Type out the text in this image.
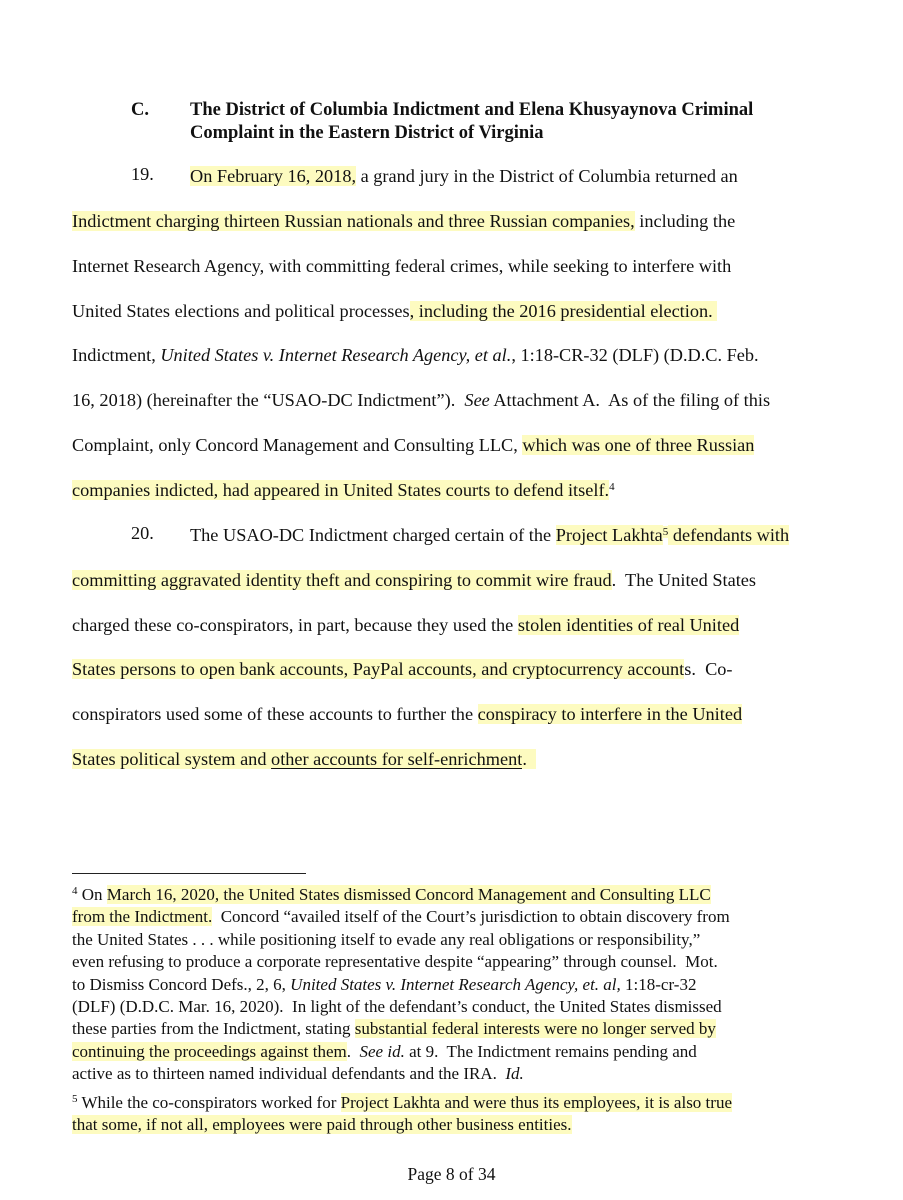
C. The District of Columbia Indictment and Elena Khusyaynova Criminal
Complaint in the Eastern District of Virginia
On February 16, 2018, a grand jury in the District of Columbia returned an
Indictment charging thirteen Russian nationals and three Russian companies, including the
Internet Research Agency, with committing federal crimes, while seeking to interfere with
United States elections and political processes, including the 2016 presidential election.
Indictment, United States v. Internet Research Agency, et al., 1:18-CR-32 (DLF) (D.D.C. Feb.
16, 2018) (hereinafter the “USAO-DC Indictment”).  See Attachment A.  As of the filing of this
Complaint, only Concord Management and Consulting LLC, which was one of three Russian
companies indicted, had appeared in United States courts to defend itself.$^4$
The USAO-DC Indictment charged certain of the Project Lakhta$^5$ defendants with
committing aggravated identity theft and conspiring to commit wire fraud.  The United States
charged these co-conspirators, in part, because they used the stolen identities of real United
States persons to open bank accounts, PayPal accounts, and cryptocurrency accounts.  Co-
conspirators used some of these accounts to further the conspiracy to interfere in the United
States political system and other accounts for self-enrichment.
19.
20.
$^4$ On March 16, 2020, the United States dismissed Concord Management and Consulting LLC
from the Indictment.  Concord “availed itself of the Court’s jurisdiction to obtain discovery from
the United States . . . while positioning itself to evade any real obligations or responsibility,”
even refusing to produce a corporate representative despite “appearing” through counsel.  Mot.
to Dismiss Concord Defs., 2, 6, United States v. Internet Research Agency, et. al, 1:18-cr-32
(DLF) (D.D.C. Mar. 16, 2020).  In light of the defendant’s conduct, the United States dismissed
these parties from the Indictment, stating substantial federal interests were no longer served by
continuing the proceedings against them.  See id. at 9.  The Indictment remains pending and
active as to thirteen named individual defendants and the IRA.  Id.
$^5$ While the co-conspirators worked for Project Lakhta and were thus its employees, it is also true
that some, if not all, employees were paid through other business entities.
Page 8 of 34
